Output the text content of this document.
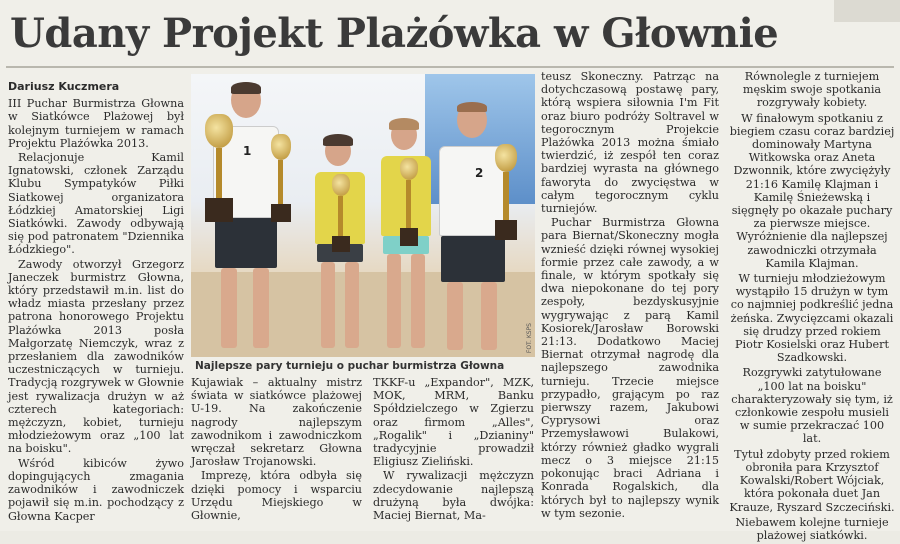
Udany Projekt Plażówka w Głownie
Dariusz Kuczmera

III Puchar Burmistrza Głowna w Siatkówce Plażowej był kolejnym turniejem w ramach Projektu Plażówka 2013.

Relacjonuje Kamil Ignatowski, członek Zarządu Klubu Sympatyków Piłki Siatkowej organizatora Łódzkiej Amatorskiej Ligi Siatkówki. Zawody odbywają się pod patronatem "Dziennika Łódzkiego".

Zawody otworzył Grzegorz Janeczek burmistrz Głowna, który przedstawił m.in. list do władz miasta przesłany przez patrona honorowego Projektu Plażówka 2013 posła Małgorzatę Niemczyk, wraz z przesłaniem dla zawodników uczestniczących w turnieju. Tradycją rozgrywek w Głownie jest rywalizacja drużyn w aż czterech kategoriach: mężczyzn, kobiet, turnieju młodzieżowym oraz „100 lat na boisku".

Wśród kibiców żywo dopingujących zmagania zawodników i zawodniczek pojawił się m.in. pochodzący z Głowna Kacper

1
2
FOT. KSPS
Najlepsze pary turnieju o puchar burmistrza Głowna

Kujawiak – aktualny mistrz świata w siatkówce plażowej U-19. Na zakończenie nagrody najlepszym zawodnikom i zawodniczkom wręczał sekretarz Głowna Jarosław Trojanowski.

Imprezę, która odbyła się dzięki pomocy i wsparciu Urzędu Miejskiego w Głownie,

TKKF-u „Expandor", MZK, MOK, MRM, Banku Spółdzielczego w Zgierzu oraz firmom „Alles", „Rogalik" i „Dzianiny" tradycyjnie prowadził Eligiusz Zieliński.

W rywalizacji mężczyzn zdecydowanie najlepszą drużyną była dwójka: Maciej Biernat, Ma-

teusz Skoneczny. Patrząc na dotychczasową postawę pary, którą wspiera siłownia I'm Fit oraz biuro podróży Soltravel w tegorocznym Projekcie Plażówka 2013 można śmiało twierdzić, iż zespół ten coraz bardziej wyrasta na głównego faworyta do zwycięstwa w całym tegorocznym cyklu turniejów.

Puchar Burmistrza Głowna para Biernat/Skoneczny mogła wznieść dzięki równej wysokiej formie przez całe zawody, a w finale, w którym spotkały się dwa niepokonane do tej pory zespoły, bezdyskusyjnie wygrywając z parą Kamil Kosiorek/Jarosław Borowski 21:13. Dodatkowo Maciej Biernat otrzymał nagrodę dla najlepszego zawodnika turnieju. Trzecie miejsce przypadło, grającym po raz pierwszy razem, Jakubowi Cyprysowi oraz Przemysławowi Bulakowi, którzy również gładko wygrali mecz o 3 miejsce 21:15 pokonując braci Adriana i Konrada Rogalskich, dla których był to najlepszy wynik w tym sezonie.

Równolegle z turniejem męskim swoje spotkania rozgrywały kobiety.

W finałowym spotkaniu z biegiem czasu coraz bardziej dominowały Martyna Witkowska oraz Aneta Dzwonnik, które zwyciężyły 21:16 Kamilę Klajman i Kamilę Śnieżewską i sięgnęły po okazałe puchary za pierwsze miejsce. Wyróżnienie dla najlepszej zawodniczki otrzymała Kamila Klajman.

W turnieju młodzieżowym wystąpiło 15 drużyn w tym co najmniej podkreślić jedna żeńska. Zwycięzcami okazali się drudzy przed rokiem Piotr Kosielski oraz Hubert Szadkowski.

Rozgrywki zatytułowane „100 lat na boisku" charakteryzowały się tym, iż członkowie zespołu musieli w sumie przekraczać 100 lat.

Tytuł zdobyty przed rokiem obroniła para Krzysztof Kowalski/Robert Wójciak, która pokonała duet Jan Krauze, Ryszard Szczeciński.

Niebawem kolejne turnieje plażowej siatkówki.
